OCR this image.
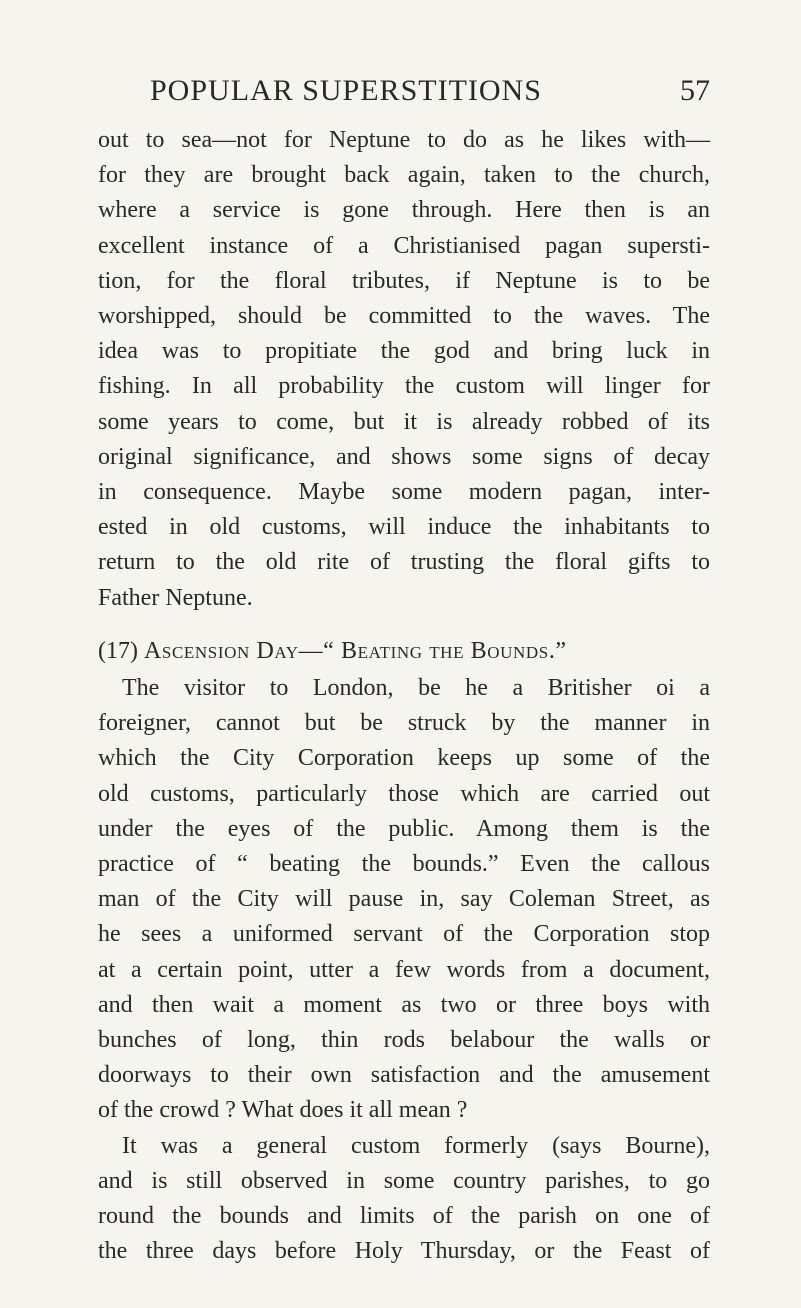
POPULAR SUPERSTITIONS	57
out to sea—not for Neptune to do as he likes with—
for they are brought back again, taken to the church,
where a service is gone through. Here then is an
excellent instance of a Christianised pagan supersti-
tion, for the floral tributes, if Neptune is to be
worshipped, should be committed to the waves. The
idea was to propitiate the god and bring luck in
fishing. In all probability the custom will linger for
some years to come, but it is already robbed of its
original significance, and shows some signs of decay
in consequence. Maybe some modern pagan, inter-
ested in old customs, will induce the inhabitants to
return to the old rite of trusting the floral gifts to
Father Neptune.
(17) Ascension Day—“ Beating the Bounds.”
The visitor to London, be he a Britisher oi a
foreigner, cannot but be struck by the manner in
which the City Corporation keeps up some of the
old customs, particularly those which are carried out
under the eyes of the public. Among them is the
practice of “ beating the bounds.” Even the callous
man of the City will pause in, say Coleman Street, as
he sees a uniformed servant of the Corporation stop
at a certain point, utter a few words from a document,
and then wait a moment as two or three boys with
bunches of long, thin rods belabour the walls or
doorways to their own satisfaction and the amusement
of the crowd ? What does it all mean ?
It was a general custom formerly (says Bourne),
and is still observed in some country parishes, to go
round the bounds and limits of the parish on one of
the three days before Holy Thursday, or the Feast of
